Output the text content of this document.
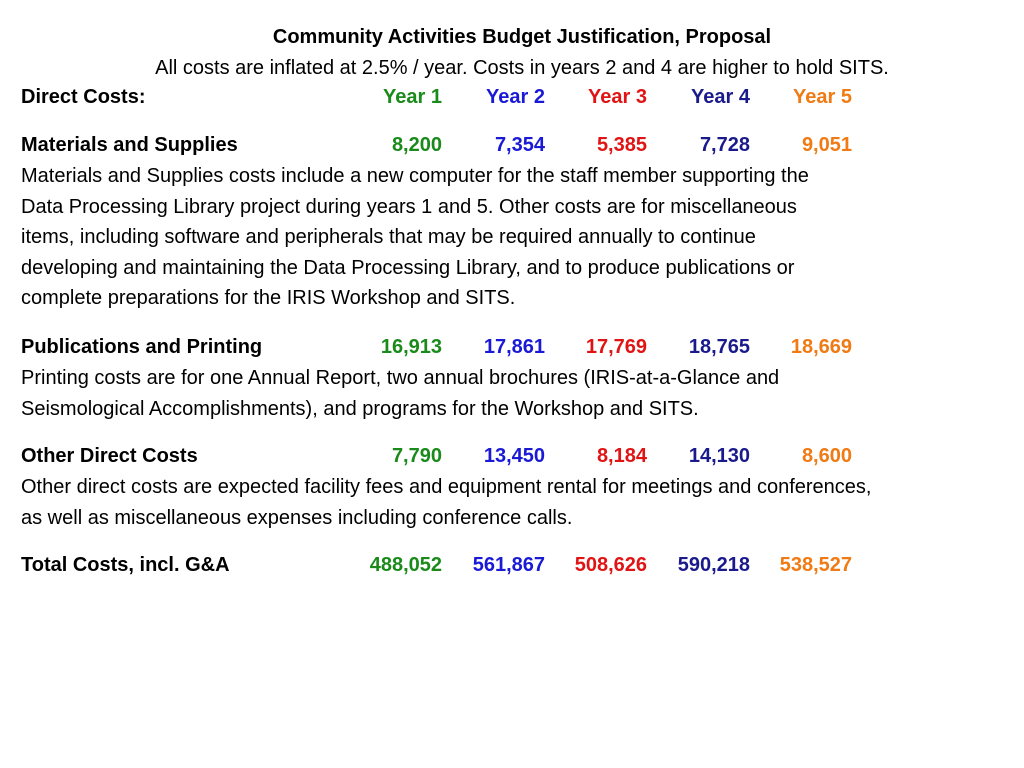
Community Activities Budget Justification, Proposal
All costs are inflated at 2.5% / year. Costs in years 2 and 4 are higher to hold SITS.
Direct Costs:	Year 1 Year 2 Year 3 Year 4 Year 5
Materials and Supplies	8,200	7,354	5,385	7,728	9,051
Materials and Supplies costs include a new computer for the staff member supporting the
Data Processing Library project during years 1 and 5. Other costs are for miscellaneous
items, including software and peripherals that may be required annually to continue
developing and maintaining the Data Processing Library, and to produce publications or
complete preparations for the IRIS Workshop and SITS.
Publications and Printing	16,913 17,861 17,769 18,765 18,669
Printing costs are for one Annual Report, two annual brochures (IRIS-at-a-Glance and
Seismological Accomplishments), and programs for the Workshop and SITS.
Other Direct Costs	7,790 13,450	8,184 14,130	8,600
Other direct costs are expected facility fees and equipment rental for meetings and conferences,
as well as miscellaneous expenses including conference calls.
Total Costs, incl. G&A	488,052 561,867 508,626 590,218 538,527
